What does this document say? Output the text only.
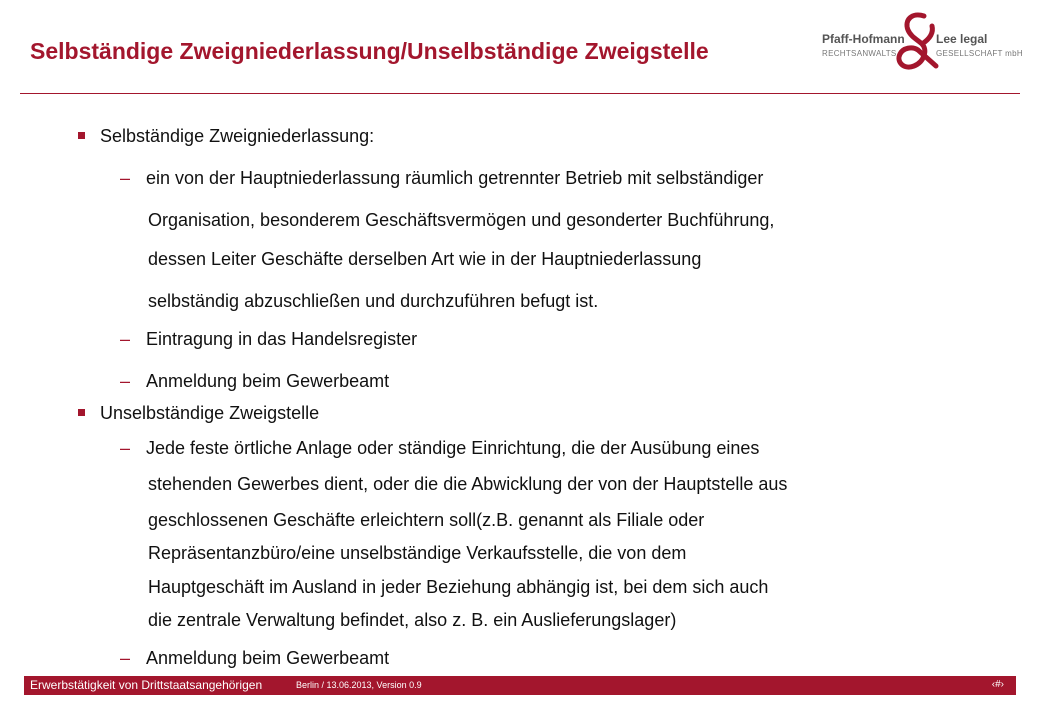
Selbständige Zweigniederlassung/Unselbständige Zweigstelle	Pfaff-Hofmann
RECHTSANWALTS
Lee legal
GESELLSCHAFT mbH
Selbständige Zweigniederlassung:
– ein von der Hauptniederlassung räumlich getrennter Betrieb mit selbständiger
Organisation, besonderem Geschäftsvermögen und gesonderter Buchführung,
dessen Leiter Geschäfte derselben Art wie in der Hauptniederlassung
selbständig abzuschließen und durchzuführen befugt ist.
– Eintragung in das Handelsregister
– Anmeldung beim Gewerbeamt
Unselbständige Zweigstelle
– Jede feste örtliche Anlage oder ständige Einrichtung, die der Ausübung eines
stehenden Gewerbes dient, oder die die Abwicklung der von der Hauptstelle aus
geschlossenen Geschäfte erleichtern soll(z.B. genannt als Filiale oder
Repräsentanzbüro/eine unselbständige Verkaufsstelle, die von dem
Hauptgeschäft im Ausland in jeder Beziehung abhängig ist, bei dem sich auch
die zentrale Verwaltung befindet, also z. B. ein Auslieferungslager)
– Anmeldung beim Gewerbeamt
Erwerbstätigkeit von Drittstaatsangehörigen	Berlin / 13.06.2013, Version 0.9	‹#›
